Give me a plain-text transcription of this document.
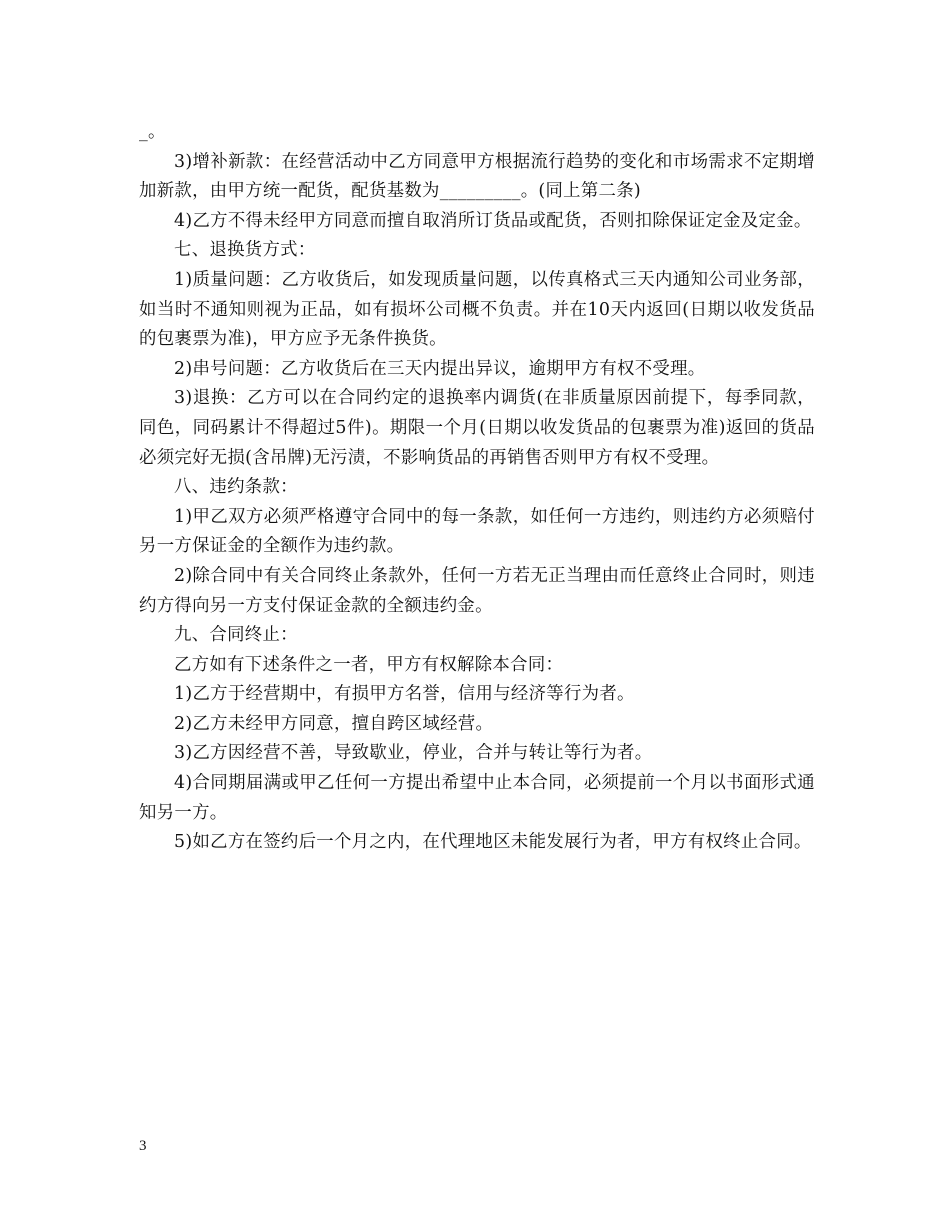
_。

3)增补新款：在经营活动中乙方同意甲方根据流行趋势的变化和市场需求不定期增加新款，由甲方统一配货，配货基数为_________。(同上第二条)

4)乙方不得未经甲方同意而擅自取消所订货品或配货，否则扣除保证定金及定金。

七、退换货方式：

1)质量问题：乙方收货后，如发现质量问题，以传真格式三天内通知公司业务部，如当时不通知则视为正品，如有损坏公司概不负责。并在10天内返回(日期以收发货品的包裹票为准)，甲方应予无条件换货。

2)串号问题：乙方收货后在三天内提出异议，逾期甲方有权不受理。

3)退换：乙方可以在合同约定的退换率内调货(在非质量原因前提下，每季同款，同色，同码累计不得超过5件)。期限一个月(日期以收发货品的包裹票为准)返回的货品必须完好无损(含吊牌)无污渍，不影响货品的再销售否则甲方有权不受理。

八、违约条款：

1)甲乙双方必须严格遵守合同中的每一条款，如任何一方违约，则违约方必须赔付另一方保证金的全额作为违约款。

2)除合同中有关合同终止条款外，任何一方若无正当理由而任意终止合同时，则违约方得向另一方支付保证金款的全额违约金。

九、合同终止：

乙方如有下述条件之一者，甲方有权解除本合同：

1)乙方于经营期中，有损甲方名誉，信用与经济等行为者。

2)乙方未经甲方同意，擅自跨区域经营。

3)乙方因经营不善，导致歇业，停业，合并与转让等行为者。

4)合同期届满或甲乙任何一方提出希望中止本合同，必须提前一个月以书面形式通知另一方。

5)如乙方在签约后一个月之内，在代理地区未能发展行为者，甲方有权终止合同。

3
